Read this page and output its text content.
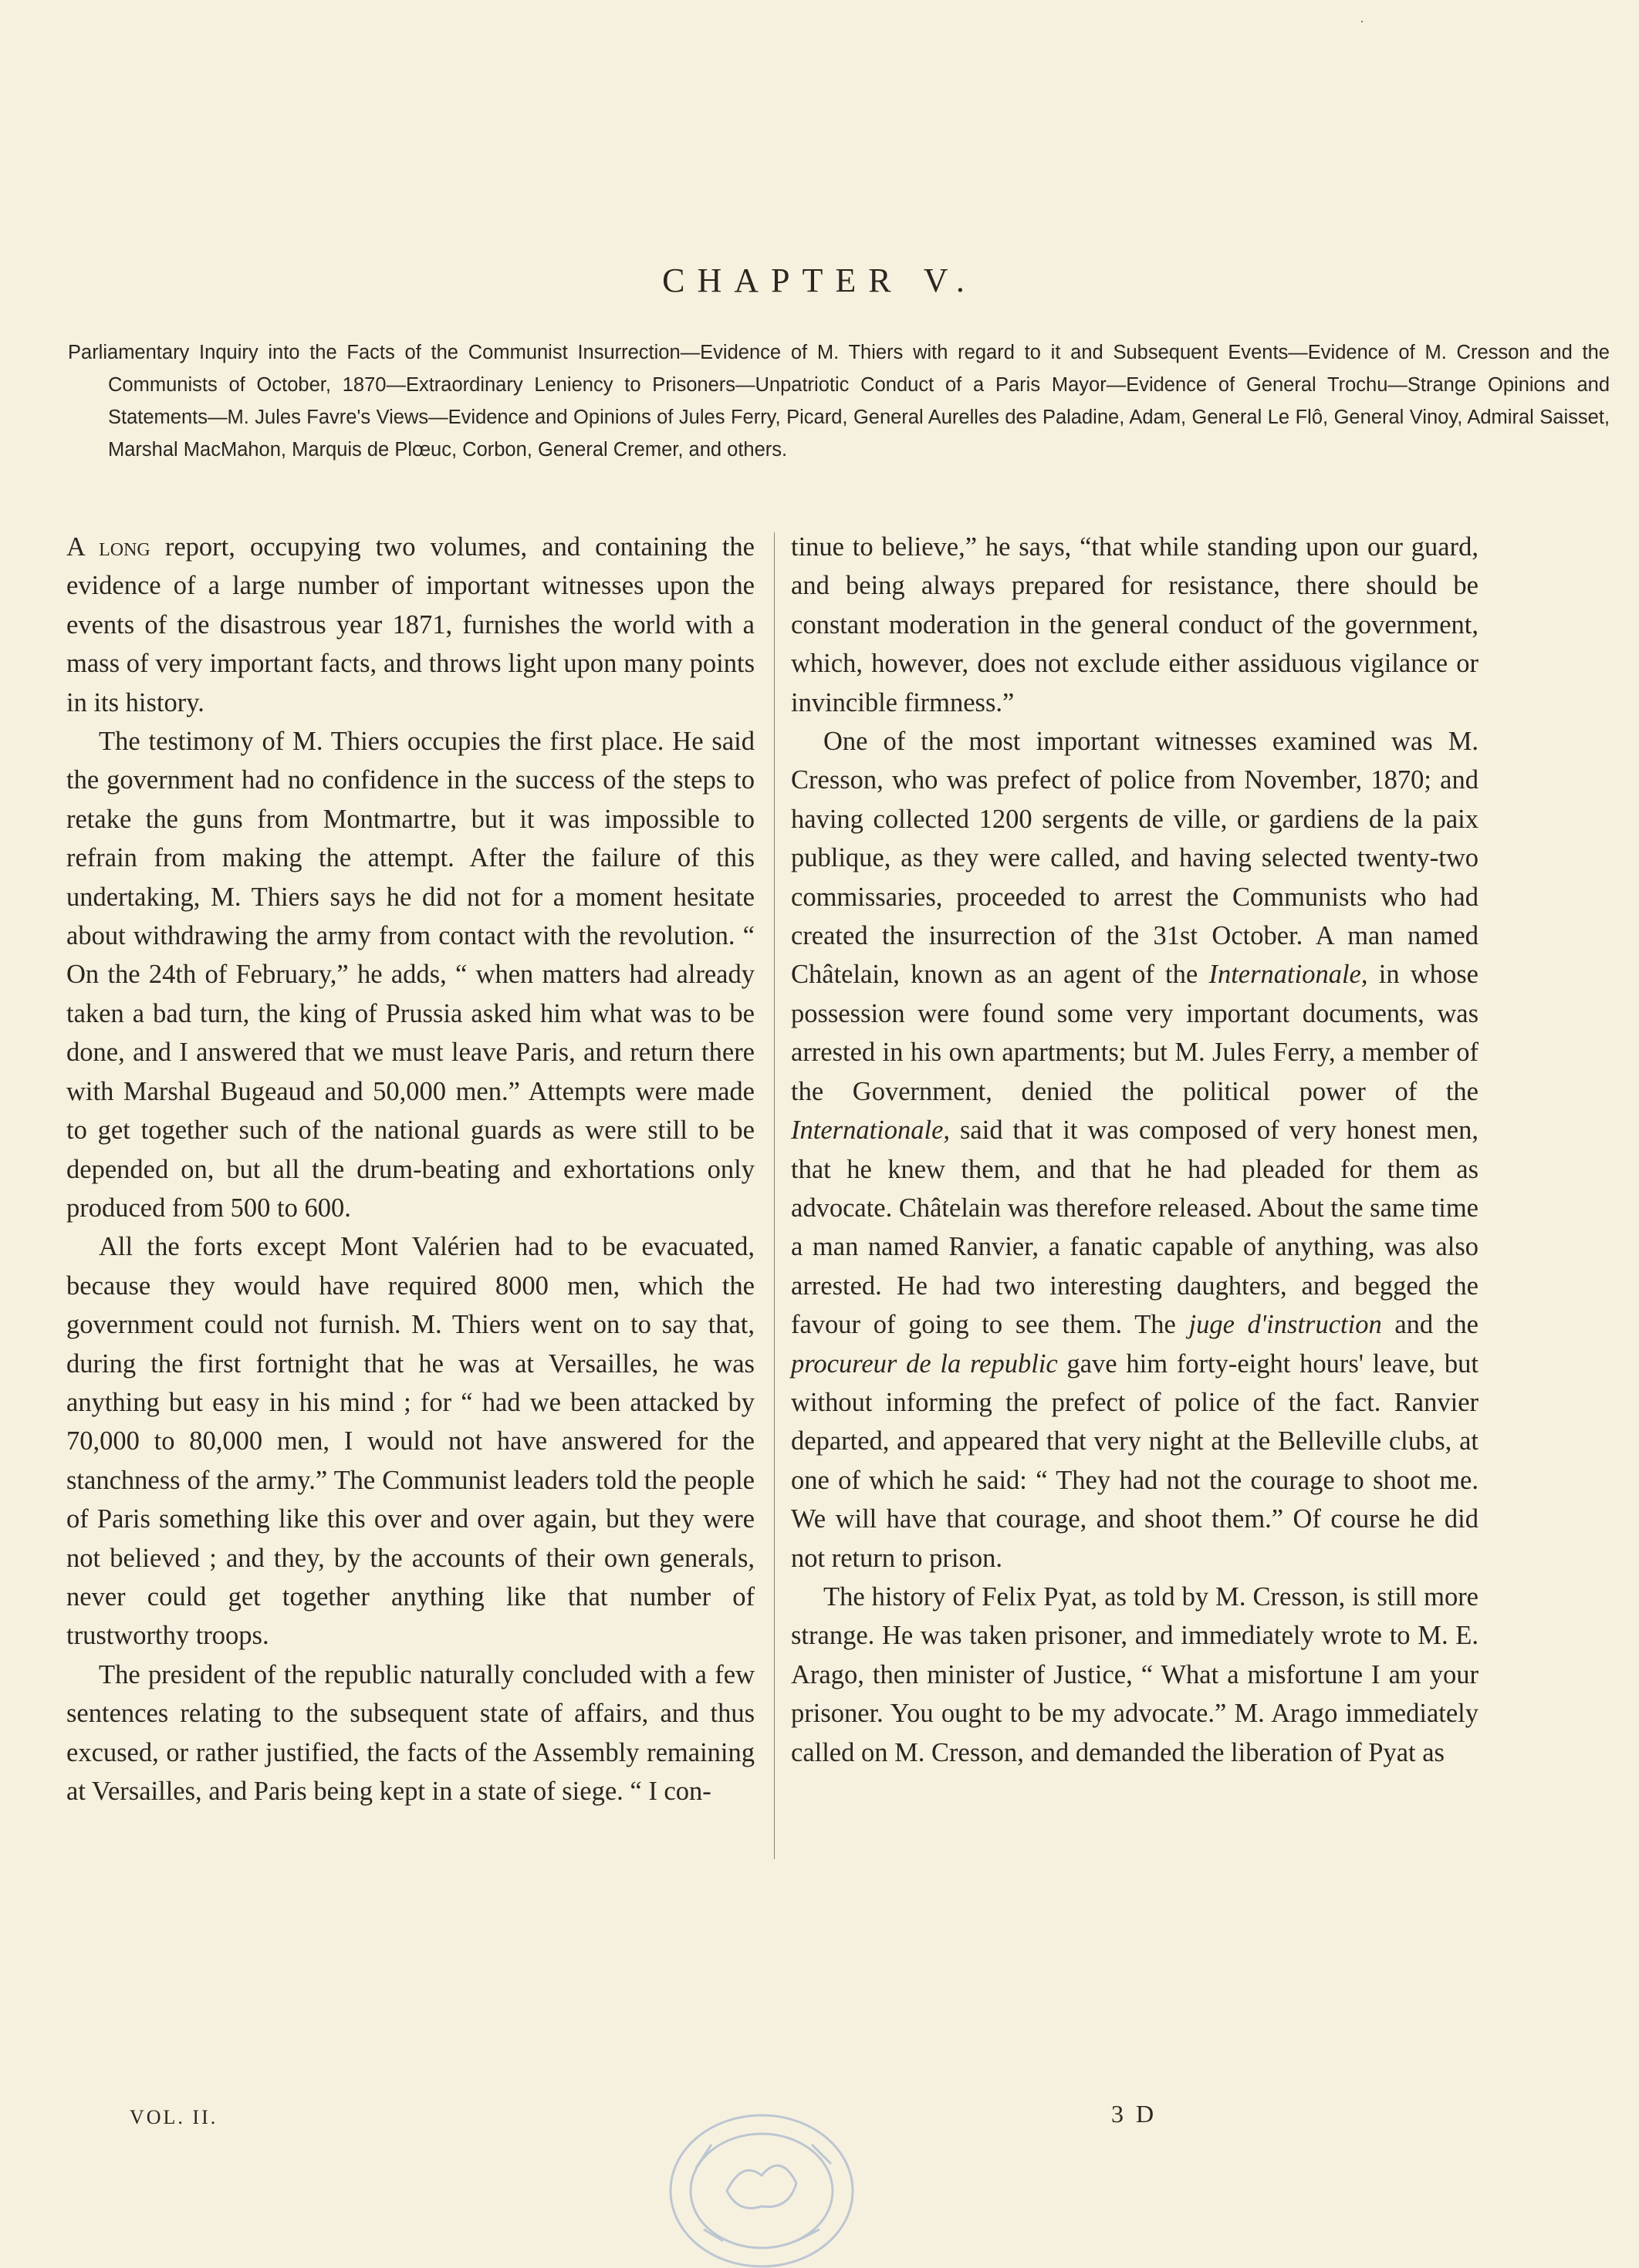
·
CHAPTER V.

Parliamentary Inquiry into the Facts of the Communist Insurrection—Evidence of M. Thiers with regard to it and Subsequent Events—Evidence of M. Cresson and the Communists of October, 1870—Extraordinary Leniency to Prisoners—Unpatriotic Conduct of a Paris Mayor—Evidence of General Trochu—Strange Opinions and Statements—M. Jules Favre's Views—Evidence and Opinions of Jules Ferry, Picard, General Aurelles des Paladine, Adam, General Le Flô, General Vinoy, Admiral Saisset, Marshal MacMahon, Marquis de Plœuc, Corbon, General Cremer, and others.

A long report, occupying two volumes, and containing the evidence of a large number of important witnesses upon the events of the disastrous year 1871, furnishes the world with a mass of very important facts, and throws light upon many points in its history.

The testimony of M. Thiers occupies the first place. He said the government had no confidence in the success of the steps to retake the guns from Montmartre, but it was impossible to refrain from making the attempt. After the failure of this undertaking, M. Thiers says he did not for a moment hesitate about withdrawing the army from contact with the revolution. “ On the 24th of February,” he adds, “ when matters had already taken a bad turn, the king of Prussia asked him what was to be done, and I answered that we must leave Paris, and return there with Marshal Bugeaud and 50,000 men.” Attempts were made to get together such of the national guards as were still to be depended on, but all the drum-beating and exhortations only produced from 500 to 600.

All the forts except Mont Valérien had to be evacuated, because they would have required 8000 men, which the government could not furnish. M. Thiers went on to say that, during the first fortnight that he was at Versailles, he was anything but easy in his mind ; for “ had we been attacked by 70,000 to 80,000 men, I would not have answered for the stanchness of the army.” The Communist leaders told the people of Paris something like this over and over again, but they were not believed ; and they, by the accounts of their own generals, never could get together anything like that number of trustworthy troops.

The president of the republic naturally concluded with a few sentences relating to the subsequent state of affairs, and thus excused, or rather justified, the facts of the Assembly remaining at Versailles, and Paris being kept in a state of siege. “ I con-

tinue to believe,” he says, “that while standing upon our guard, and being always prepared for resistance, there should be constant moderation in the general conduct of the government, which, however, does not exclude either assiduous vigilance or invincible firmness.”

One of the most important witnesses examined was M. Cresson, who was prefect of police from November, 1870; and having collected 1200 sergents de ville, or gardiens de la paix publique, as they were called, and having selected twenty-two commissaries, proceeded to arrest the Communists who had created the insurrection of the 31st October. A man named Châtelain, known as an agent of the Internationale, in whose possession were found some very important documents, was arrested in his own apartments; but M. Jules Ferry, a member of the Government, denied the political power of the Internationale, said that it was composed of very honest men, that he knew them, and that he had pleaded for them as advocate. Châtelain was therefore released. About the same time a man named Ranvier, a fanatic capable of anything, was also arrested. He had two interesting daughters, and begged the favour of going to see them. The juge d'instruction and the procureur de la republic gave him forty-eight hours' leave, but without informing the prefect of police of the fact. Ranvier departed, and appeared that very night at the Belleville clubs, at one of which he said: “ They had not the courage to shoot me. We will have that courage, and shoot them.” Of course he did not return to prison.

The history of Felix Pyat, as told by M. Cresson, is still more strange. He was taken prisoner, and immediately wrote to M. E. Arago, then minister of Justice, “ What a misfortune I am your prisoner. You ought to be my advocate.” M. Arago immediately called on M. Cresson, and demanded the liberation of Pyat as

VOL. II.	3 D
